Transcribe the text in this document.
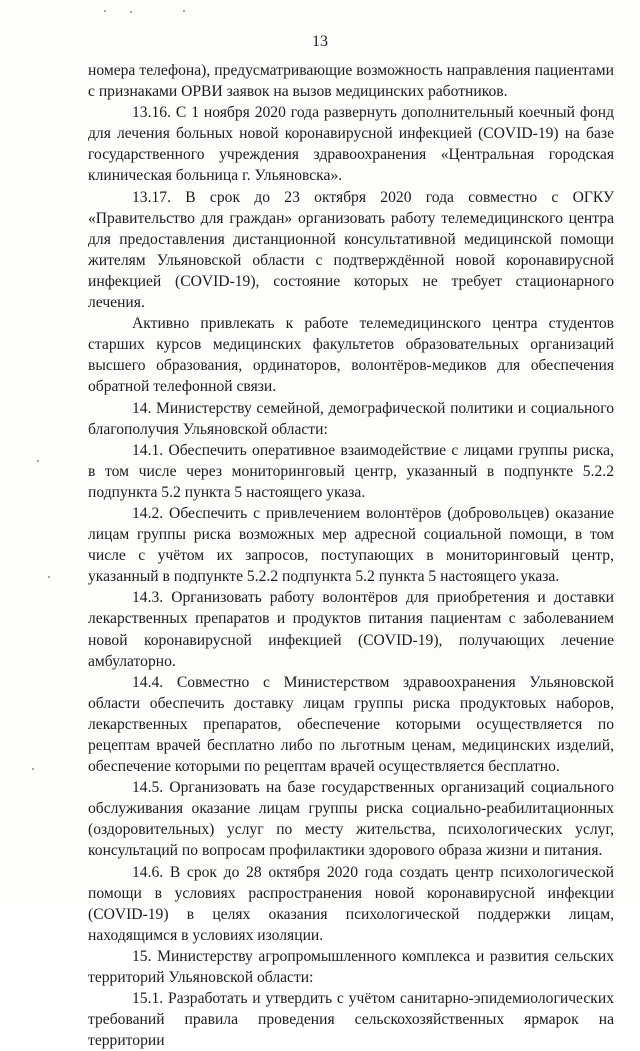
13

номера телефона), предусматривающие возможность направления пациентами с признаками ОРВИ заявок на вызов медицинских работников.

13.16. С 1 ноября 2020 года развернуть дополнительный коечный фонд для лечения больных новой коронавирусной инфекцией (COVID-19) на базе государственного учреждения здравоохранения «Центральная городская клиническая больница г. Ульяновска».

13.17. В срок до 23 октября 2020 года совместно с ОГКУ «Правительство для граждан» организовать работу телемедицинского центра для предоставления дистанционной консультативной медицинской помощи жителям Ульяновской области с подтверждённой новой коронавирусной инфекцией (COVID-19), состояние которых не требует стационарного лечения.

Активно привлекать к работе телемедицинского центра студентов старших курсов медицинских факультетов образовательных организаций высшего образования, ординаторов, волонтёров-медиков для обеспечения обратной телефонной связи.

14. Министерству семейной, демографической политики и социального благополучия Ульяновской области:

14.1. Обеспечить оперативное взаимодействие с лицами группы риска, в том числе через мониторинговый центр, указанный в подпункте 5.2.2 подпункта 5.2 пункта 5 настоящего указа.

14.2. Обеспечить с привлечением волонтёров (добровольцев) оказание лицам группы риска возможных мер адресной социальной помощи, в том числе с учётом их запросов, поступающих в мониторинговый центр, указанный в подпункте 5.2.2 подпункта 5.2 пункта 5 настоящего указа.

14.3. Организовать работу волонтёров для приобретения и доставки лекарственных препаратов и продуктов питания пациентам с заболеванием новой коронавирусной инфекцией (COVID-19), получающих лечение амбулаторно.

14.4. Совместно с Министерством здравоохранения Ульяновской области обеспечить доставку лицам группы риска продуктовых наборов, лекарственных препаратов, обеспечение которыми осуществляется по рецептам врачей бесплатно либо по льготным ценам, медицинских изделий, обеспечение которыми по рецептам врачей осуществляется бесплатно.

14.5. Организовать на базе государственных организаций социального обслуживания оказание лицам группы риска социально-реабилитационных (оздоровительных) услуг по месту жительства, психологических услуг, консультаций по вопросам профилактики здорового образа жизни и питания.

14.6. В срок до 28 октября 2020 года создать центр психологической помощи в условиях распространения новой коронавирусной инфекции (COVID-19) в целях оказания психологической поддержки лицам, находящимся в условиях изоляции.

15. Министерству агропромышленного комплекса и развития сельских территорий Ульяновской области:

15.1. Разработать и утвердить с учётом санитарно-эпидемиологических требований правила проведения сельскохозяйственных ярмарок на территории
